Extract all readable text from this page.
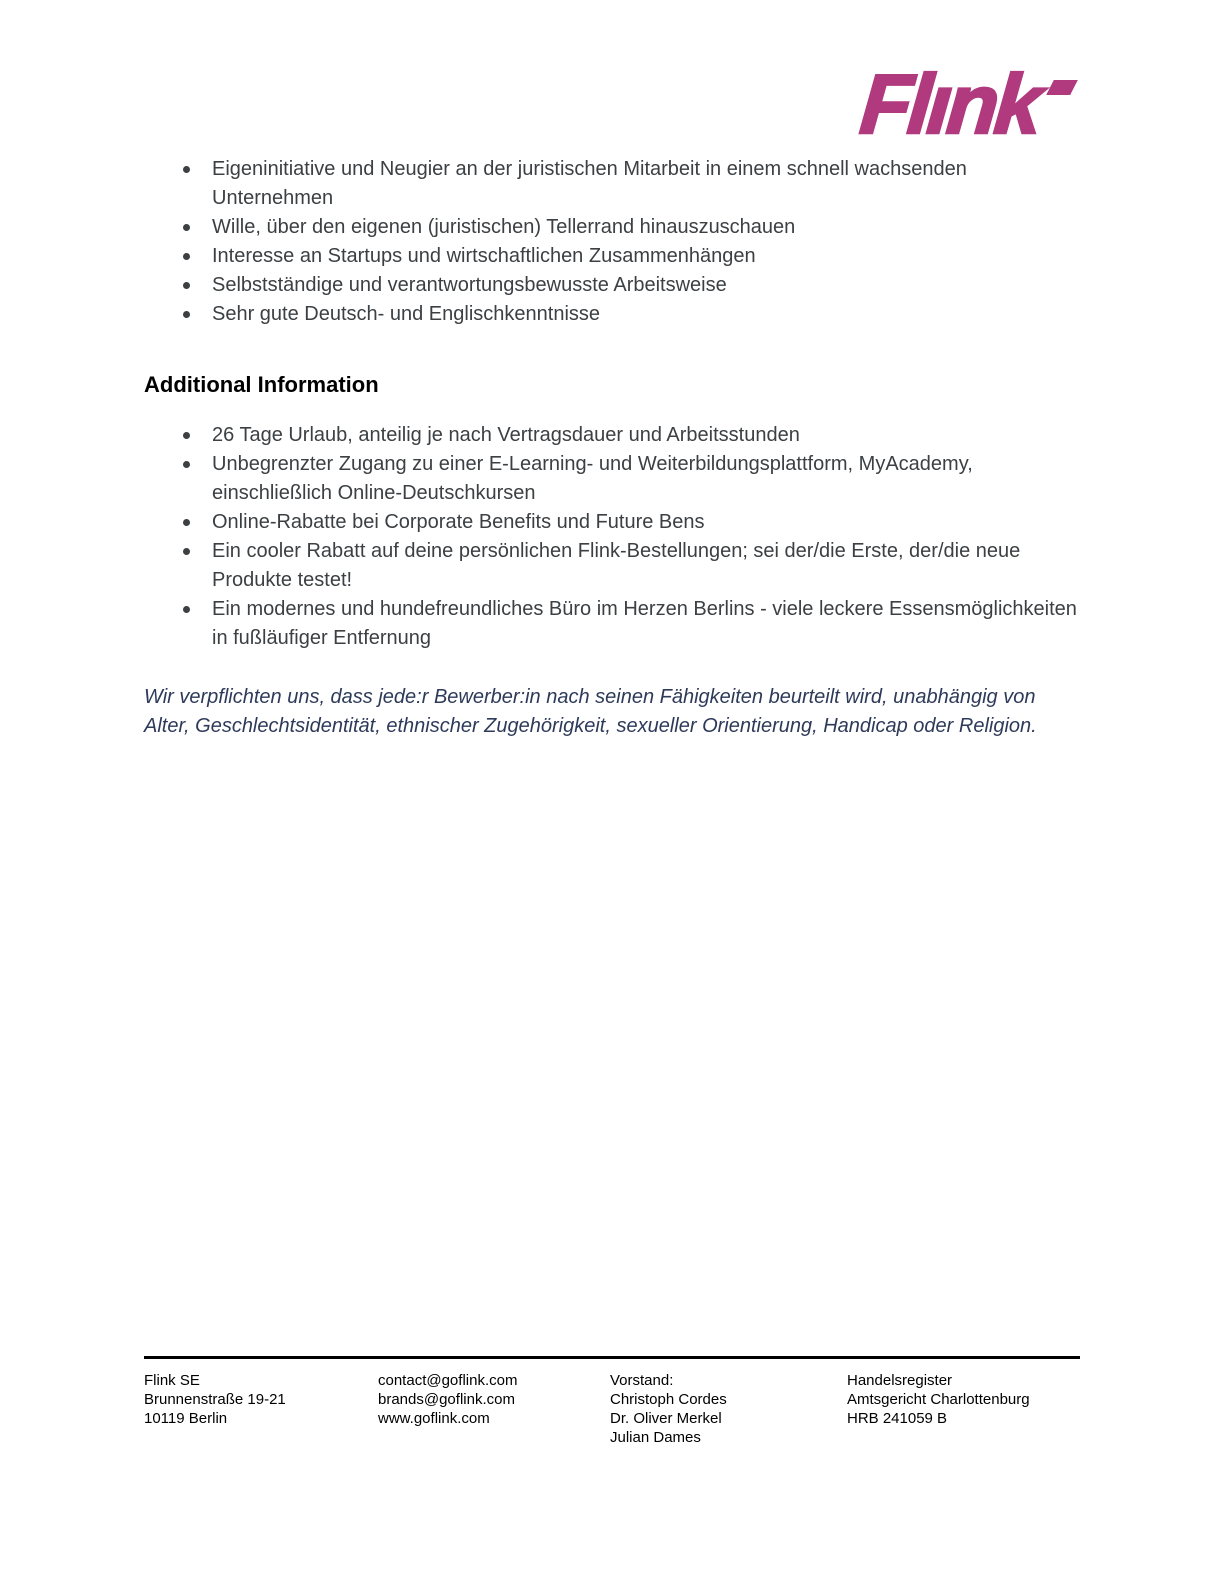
Flınk
Eigeninitiative und Neugier an der juristischen Mitarbeit in einem schnell wachsenden Unternehmen
Wille, über den eigenen (juristischen) Tellerrand hinauszuschauen
Interesse an Startups und wirtschaftlichen Zusammenhängen
Selbstständige und verantwortungsbewusste Arbeitsweise
Sehr gute Deutsch- und Englischkenntnisse
Additional Information
26 Tage Urlaub, anteilig je nach Vertragsdauer und Arbeitsstunden
Unbegrenzter Zugang zu einer E-Learning- und Weiterbildungsplattform, MyAcademy, einschließlich Online-Deutschkursen
Online-Rabatte bei Corporate Benefits und Future Bens
Ein cooler Rabatt auf deine persönlichen Flink-Bestellungen; sei der/die Erste, der/die neue Produkte testet!
Ein modernes und hundefreundliches Büro im Herzen Berlins - viele leckere Essensmöglichkeiten in fußläufiger Entfernung
Wir verpflichten uns, dass jede:r Bewerber:in nach seinen Fähigkeiten beurteilt wird, unabhängig von Alter, Geschlechtsidentität, ethnischer Zugehörigkeit, sexueller Orientierung, Handicap oder Religion.
Flink SE
Brunnenstraße 19-21
10119 Berlin
contact@goflink.com
brands@goflink.com
www.goflink.com
Vorstand:
Christoph Cordes
Dr. Oliver Merkel
Julian Dames
Handelsregister
Amtsgericht Charlottenburg
HRB 241059 B
